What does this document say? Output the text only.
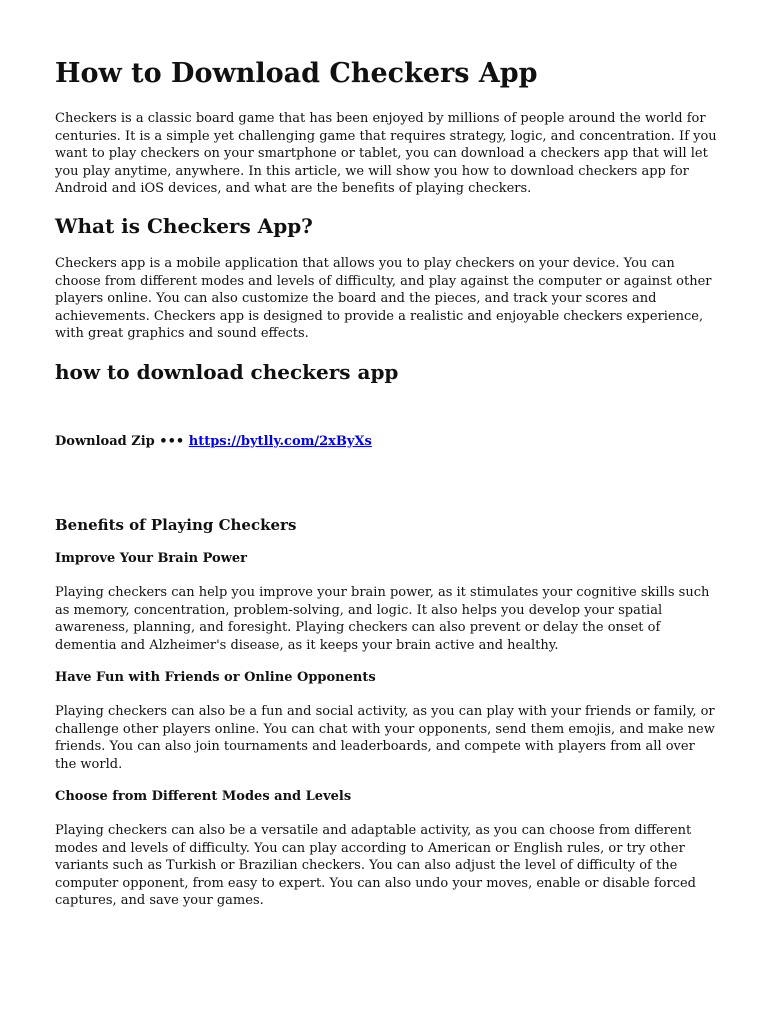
How to Download Checkers App

Checkers is a classic board game that has been enjoyed by millions of people around the world for centuries. It is a simple yet challenging game that requires strategy, logic, and concentration. If you want to play checkers on your smartphone or tablet, you can download a checkers app that will let you play anytime, anywhere. In this article, we will show you how to download checkers app for Android and iOS devices, and what are the benefits of playing checkers.

What is Checkers App?

Checkers app is a mobile application that allows you to play checkers on your device. You can choose from different modes and levels of difficulty, and play against the computer or against other players online. You can also customize the board and the pieces, and track your scores and achievements. Checkers app is designed to provide a realistic and enjoyable checkers experience, with great graphics and sound effects.

how to download checkers app
Download Zip ••• https://bytlly.com/2xByXs
Benefits of Playing Checkers
Improve Your Brain Power

Playing checkers can help you improve your brain power, as it stimulates your cognitive skills such as memory, concentration, problem-solving, and logic. It also helps you develop your spatial awareness, planning, and foresight. Playing checkers can also prevent or delay the onset of dementia and Alzheimer's disease, as it keeps your brain active and healthy.

Have Fun with Friends or Online Opponents

Playing checkers can also be a fun and social activity, as you can play with your friends or family, or challenge other players online. You can chat with your opponents, send them emojis, and make new friends. You can also join tournaments and leaderboards, and compete with players from all over the world.

Choose from Different Modes and Levels

Playing checkers can also be a versatile and adaptable activity, as you can choose from different modes and levels of difficulty. You can play according to American or English rules, or try other variants such as Turkish or Brazilian checkers. You can also adjust the level of difficulty of the computer opponent, from easy to expert. You can also undo your moves, enable or disable forced captures, and save your games.
